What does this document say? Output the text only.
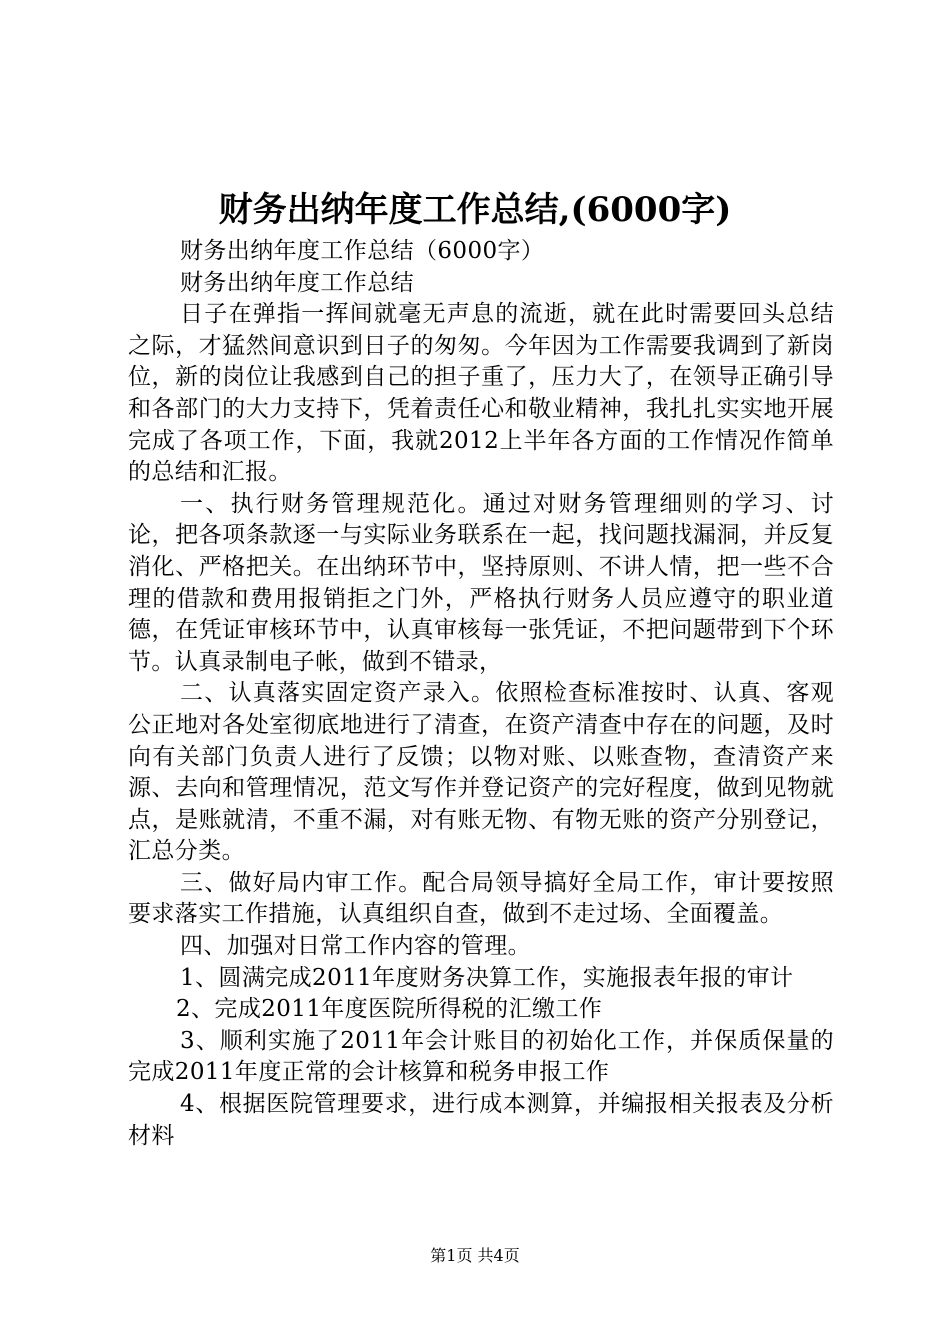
财务出纳年度工作总结,(6000字)

财务出纳年度工作总结（6000字）

财务出纳年度工作总结

日子在弹指一挥间就毫无声息的流逝，就在此时需要回头总结之际，才猛然间意识到日子的匆匆。今年因为工作需要我调到了新岗位，新的岗位让我感到自己的担子重了，压力大了，在领导正确引导和各部门的大力支持下，凭着责任心和敬业精神，我扎扎实实地开展完成了各项工作，下面，我就2012上半年各方面的工作情况作简单的总结和汇报。

一、执行财务管理规范化。通过对财务管理细则的学习、讨论，把各项条款逐一与实际业务联系在一起，找问题找漏洞，并反复消化、严格把关。在出纳环节中，坚持原则、不讲人情，把一些不合理的借款和费用报销拒之门外，严格执行财务人员应遵守的职业道德，在凭证审核环节中，认真审核每一张凭证，不把问题带到下个环节。认真录制电子帐，做到不错录，

二、认真落实固定资产录入。依照检查标准按时、认真、客观公正地对各处室彻底地进行了清查，在资产清查中存在的问题，及时向有关部门负责人进行了反馈；以物对账、以账查物，查清资产来源、去向和管理情况，范文写作并登记资产的完好程度，做到见物就点，是账就清，不重不漏，对有账无物、有物无账的资产分别登记，汇总分类。

三、做好局内审工作。配合局领导搞好全局工作，审计要按照要求落实工作措施，认真组织自查，做到不走过场、全面覆盖。

四、加强对日常工作内容的管理。

1、圆满完成2011年度财务决算工作，实施报表年报的审计

2、完成2011年度医院所得税的汇缴工作

3、顺利实施了2011年会计账目的初始化工作，并保质保量的完成2011年度正常的会计核算和税务申报工作

4、根据医院管理要求，进行成本测算，并编报相关报表及分析材料

第1页 共4页
